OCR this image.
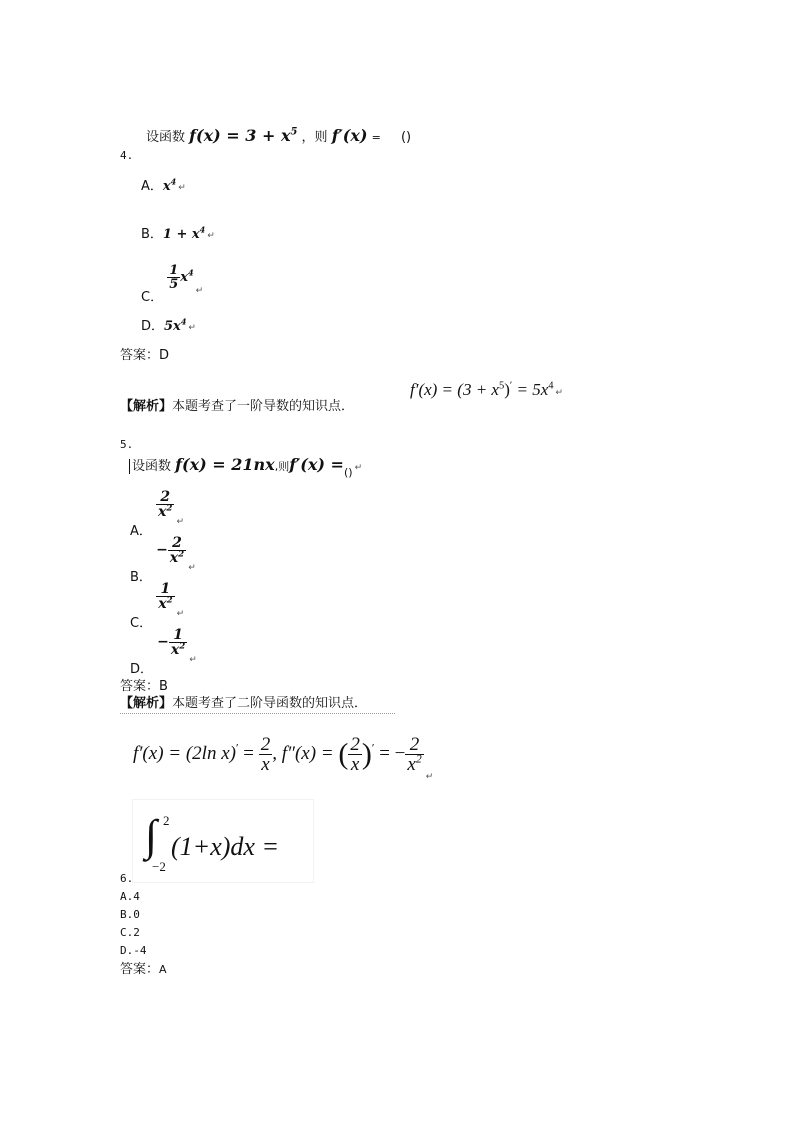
设函数 $f(x) = 3 + x^5$ ，则 f′(x) = ()
4.
A．$x^4↵$
B．$1 + x^4↵$
C．
$\frac{1}{5} x^4_↵$
D．$5x^4↵$
答案：D
【解析】本题考查了一阶导数的知识点．
$f'(x) = (3 + x^5)'$ = $5x^4↵$
5.
设函数 f(x) = 21nx,则$f'(x) =_{()}$ ↵
A．
$\frac{2}{x^2}$
$_↵$
B． − $\frac{2}{x^2}$
$_↵$
C．
$\frac{1}{x^2}$
$_↵$
D． − $\frac{1}{x^2}$
$_↵$
答案：B
【解析】本题考查了二阶导函数的知识点．
f′(x) = (2ln $x)' = \frac{2}{x}$ , f″(x) = ( $\frac{2}{x} )'$ = − $\frac{2}{x^2}$
$_↵$
∫ 2
−2
(1+x)dx =
6.
A.4
B.0
C.2
D.-4
答案：A
